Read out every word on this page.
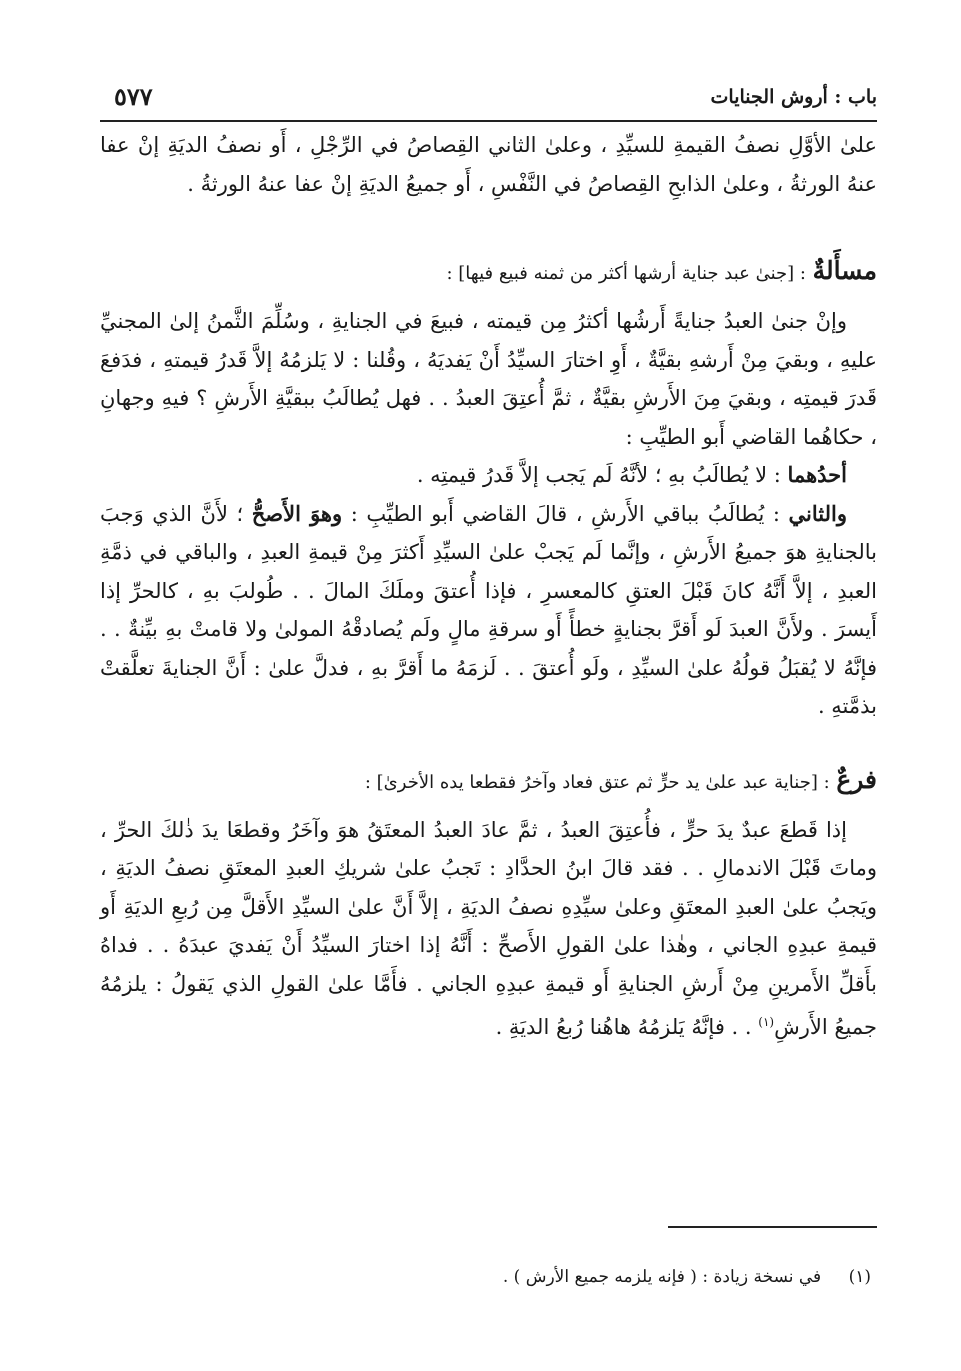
باب : أروش الجنايات
٥٧٧

علىٰ الأوَّلِ نصفُ القيمةِ للسيِّدِ ، وعلىٰ الثاني القِصاصُ في الرِّجْلِ ، أَو نصفُ الديَةِ إنْ عفا عنهُ الورثةُ ، وعلىٰ الذابحِ القِصاصُ في النَّفْسِ ، أَو جميعُ الديَةِ إنْ عفا عنهُ الورثةُ .

مسأَلةٌ : [جنىٰ عبد جناية أرشها أكثر من ثمنه فبيع فيها] :

وإنْ جنىٰ العبدُ جنايةً أَرشُها أكثرُ مِن قيمته ، فبيعَ في الجنايةِ ، وسُلِّمَ الثَّمنُ إلىٰ المجنيِّ عليهِ ، وبقيَ مِنْ أَرشهِ بقيَّةٌ ، أَوِ اختارَ السيِّدُ أَنْ يَفديَهُ ، وقُلنا : لا يَلزمُهُ إلاَّ قَدرُ قيمتهِ ، فدَفعَ قَدرَ قيمتِه ، وبقيَ مِنَ الأَرشِ بقيَّةٌ ، ثمَّ أُعتِقَ العبدُ . . فهل يُطالَبُ ببقيَّةِ الأَرشِ ؟ فيهِ وجهانِ ، حكاهُما القاضي أَبو الطيِّبِ :

أحدُهما : لا يُطالَبُ بهِ ؛ لأنَّهُ لَم يَجب إلاَّ قَدرُ قيمتِه .

والثاني : يُطالَبُ بباقي الأَرشِ ، قالَ القاضي أَبو الطيِّبِ : وهوَ الأَصحُّ ؛ لأَنَّ الذي وَجبَ بالجنايةِ هوَ جميعُ الأَرشِ ، وإنَّما لَم يَجبْ علىٰ السيِّدِ أَكثرَ مِنْ قيمةِ العبدِ ، والباقي في ذمَّةِ العبدِ ، إلاَّ أَنَّهُ كانَ قَبْلَ العتقِ كالمعسرِ ، فإذا أُعتقَ وملَكَ المالَ . . طُولبَ بهِ ، كالحرِّ إذا أَيسرَ . ولأَنَّ العبدَ لَو أَقرَّ بجنايةٍ خطأً أَو سرقةِ مالٍ ولَم يُصادقْهُ المولىٰ ولا قامتْ بهِ بيِّنةٌ . . فإنَّهُ لا يُقبَلُ قولُهُ علىٰ السيِّدِ ، ولَو أُعتقَ . . لَزمَهُ ما أَقرَّ بهِ ، فدلَّ علىٰ : أَنَّ الجنايةَ تعلَّقتْ بذمَّتهِ .

فرعٌ : [جناية عبد علىٰ يد حرٍّ ثم عتق فعاد وآخرُ فقطعا يده الأخرىٰ] :

إذا قَطعَ عبدٌ يدَ حرٍّ ، فأُعتِقَ العبدُ ، ثمَّ عادَ العبدُ المعتَقُ هوَ وآخَرُ وقطعَا يدَ ذٰلكَ الحرِّ ، وماتَ قَبْلَ الاندمالِ . . فقد قالَ ابنُ الحدَّادِ : تَجبُ علىٰ شريكِ العبدِ المعتَقِ نصفُ الديَةِ ، ويَجبُ علىٰ العبدِ المعتَقِ وعلىٰ سيِّدِهِ نصفُ الديَةِ ، إلاَّ أَنَّ علىٰ السيِّدِ الأَقلَّ مِن رُبعِ الديَةِ أَو قيمةِ عبدِهِ الجاني ، وهٰذا علىٰ القولِ الأَصحِّ : أَنَّهُ إذا اختارَ السيِّدُ أَنْ يَفديَ عبدَهُ . . فداهُ بأَقلِّ الأَمرينِ مِنْ أَرشِ الجنايةِ أَو قيمةِ عبدِهِ الجاني . فأَمَّا علىٰ القولِ الذي يَقولُ : يلزمُهُ جميعُ الأَرشِ$^{(١)}$ . . فإنَّهُ يَلزمُهُ هاهُنا رُبعُ الديَةِ .

(١) في نسخة زيادة : ( فإنه يلزمه جميع الأرش ) .
